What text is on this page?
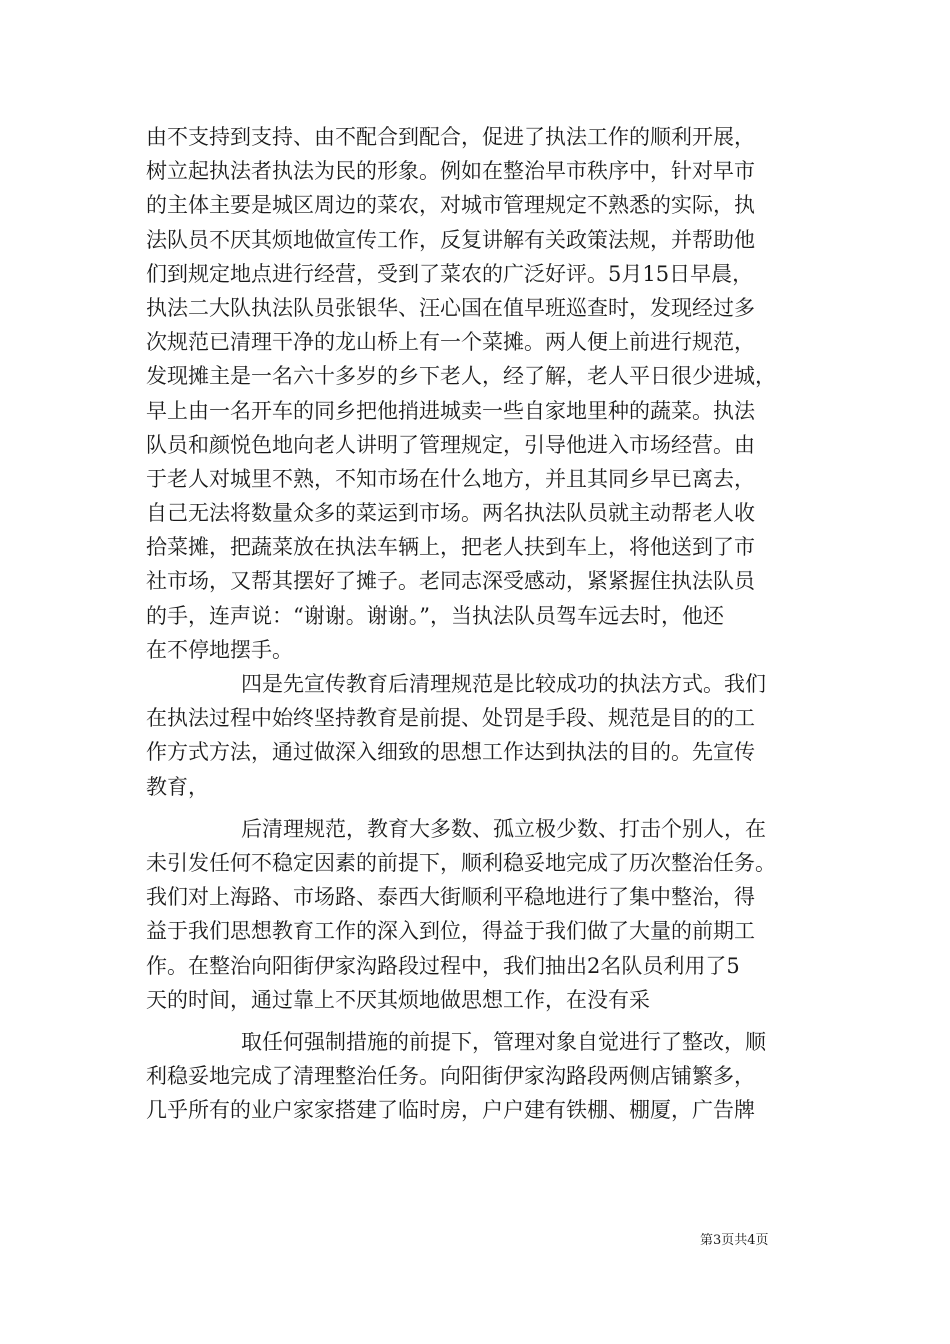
由不支持到支持、由不配合到配合，促进了执法工作的顺利开展，
树立起执法者执法为民的形象。例如在整治早市秩序中，针对早市
的主体主要是城区周边的菜农，对城市管理规定不熟悉的实际，执
法队员不厌其烦地做宣传工作，反复讲解有关政策法规，并帮助他
们到规定地点进行经营，受到了菜农的广泛好评。5月15日早晨，
执法二大队执法队员张银华、汪心国在值早班巡查时，发现经过多
次规范已清理干净的龙山桥上有一个菜摊。两人便上前进行规范，
发现摊主是一名六十多岁的乡下老人，经了解，老人平日很少进城，
早上由一名开车的同乡把他捎进城卖一些自家地里种的蔬菜。执法
队员和颜悦色地向老人讲明了管理规定，引导他进入市场经营。由
于老人对城里不熟，不知市场在什么地方，并且其同乡早已离去，
自己无法将数量众多的菜运到市场。两名执法队员就主动帮老人收
拾菜摊，把蔬菜放在执法车辆上，把老人扶到车上，将他送到了市
社市场，又帮其摆好了摊子。老同志深受感动，紧紧握住执法队员
的手，连声说：“谢谢。谢谢。”，当执法队员驾车远去时，他还
在不停地摆手。
四是先宣传教育后清理规范是比较成功的执法方式。我们
在执法过程中始终坚持教育是前提、处罚是手段、规范是目的的工
作方式方法，通过做深入细致的思想工作达到执法的目的。先宣传
教育，
后清理规范，教育大多数、孤立极少数、打击个别人，在
未引发任何不稳定因素的前提下，顺利稳妥地完成了历次整治任务。
我们对上海路、市场路、泰西大街顺利平稳地进行了集中整治，得
益于我们思想教育工作的深入到位，得益于我们做了大量的前期工
作。在整治向阳街伊家沟路段过程中，我们抽出2名队员利用了5
天的时间，通过靠上不厌其烦地做思想工作，在没有采
取任何强制措施的前提下，管理对象自觉进行了整改，顺
利稳妥地完成了清理整治任务。向阳街伊家沟路段两侧店铺繁多，
几乎所有的业户家家搭建了临时房，户户建有铁棚、棚厦，广告牌
第3页共4页
